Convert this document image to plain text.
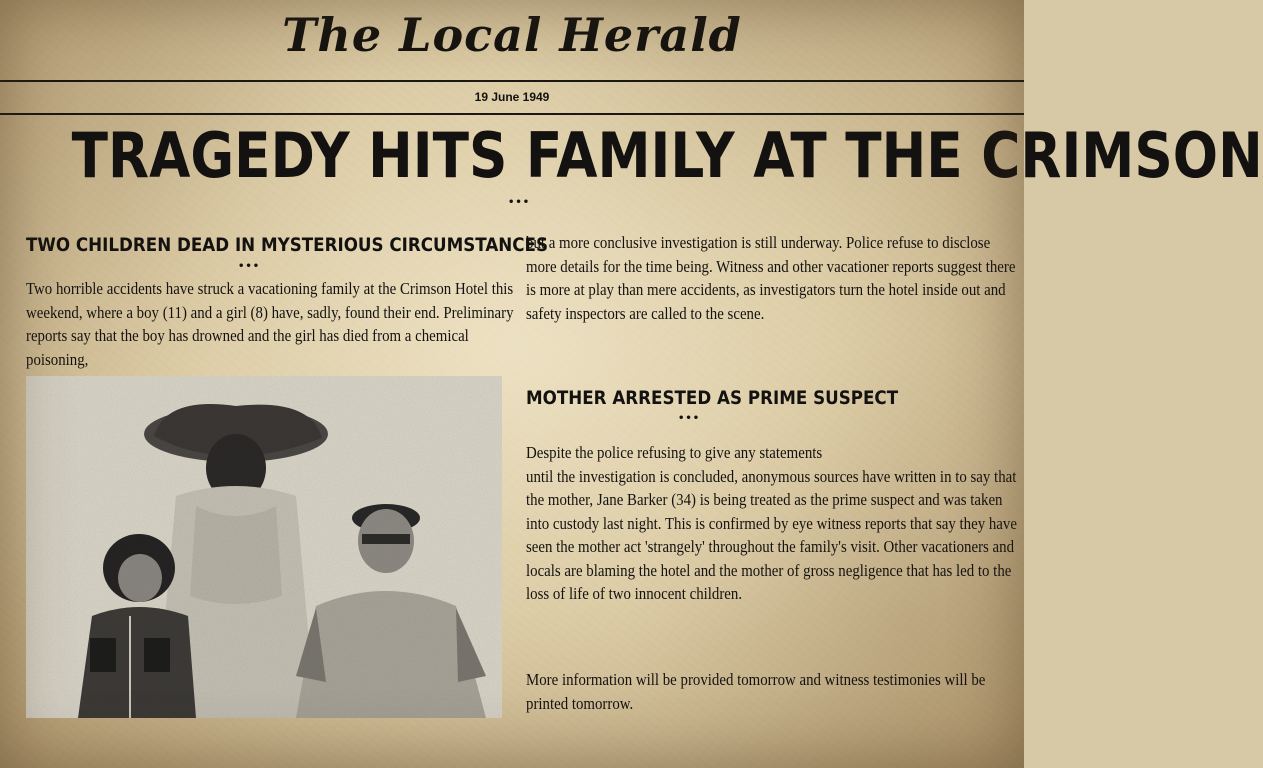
The Local Herald
19 June 1949
TRAGEDY HITS FAMILY AT THE CRIMSON
•••
TWO CHILDREN DEAD IN MYSTERIOUS CIRCUMSTANCES
•••
Two horrible accidents have struck a vacationing family at the Crimson Hotel this weekend, where a boy (11) and a girl (8) have, sadly, found their end. Preliminary reports say that the boy has drowned and the girl has died from a chemical poisoning,
but a more conclusive investigation is still underway. Police refuse to disclose more details for the time being. Witness and other vacationer reports suggest there is more at play than mere accidents, as investigators turn the hotel inside out and safety inspectors are called to the scene.
MOTHER ARRESTED AS PRIME SUSPECT
•••
Despite the police refusing to give any statements
until the investigation is concluded, anonymous sources have written in to say that the mother, Jane Barker (34) is being treated as the prime suspect and was taken into custody last night. This is confirmed by eye witness reports that say they have seen the mother act 'strangely' throughout the family's visit. Other vacationers and locals are blaming the hotel and the mother of gross negligence that has led to the loss of life of two innocent children.
More information will be provided tomorrow and witness testimonies will be printed tomorrow.
